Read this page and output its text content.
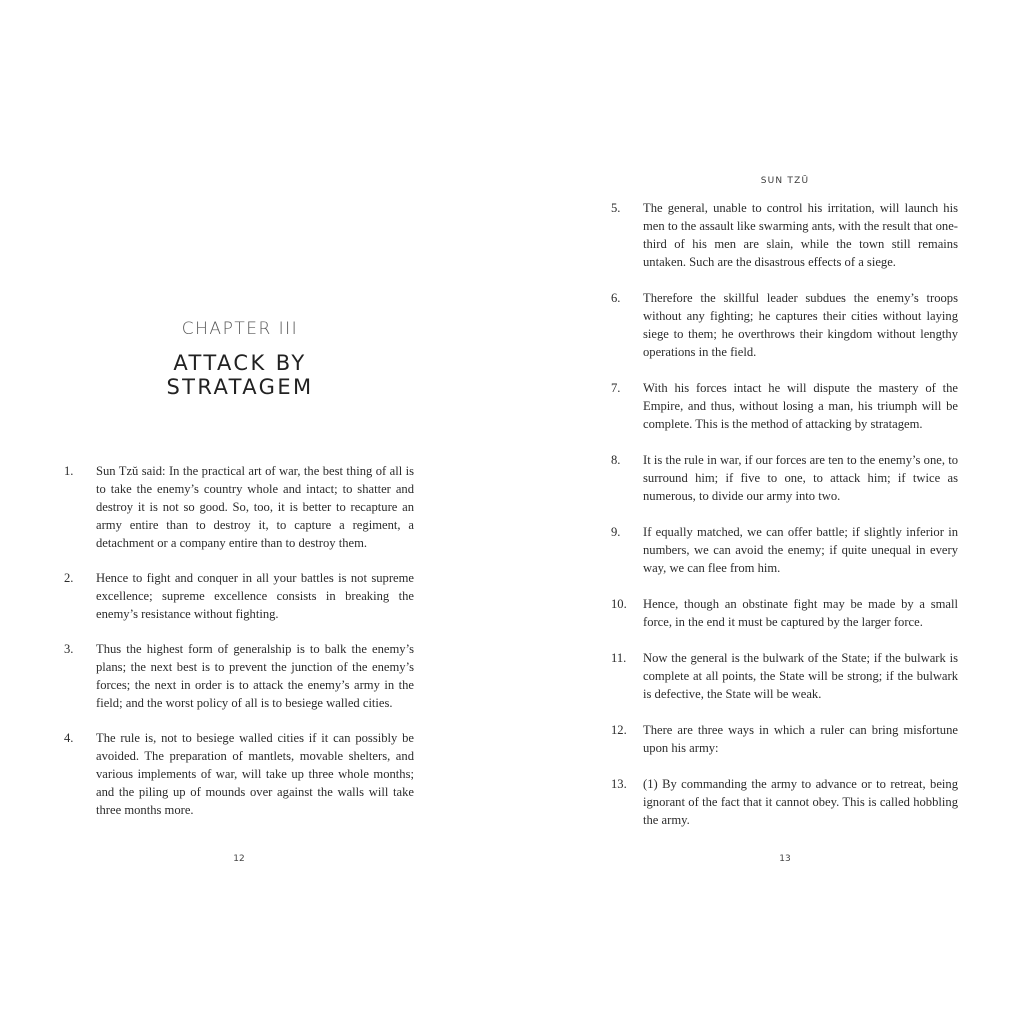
CHAPTER III
ATTACK BY STRATAGEM
1.	Sun Tzŭ said: In the practical art of war, the best thing of all is to take the enemy’s country whole and intact; to shatter and destroy it is not so good. So, too, it is better to recapture an army entire than to destroy it, to capture a regiment, a detachment or a company entire than to destroy them.
2.	Hence to fight and conquer in all your battles is not supreme excellence; supreme excellence consists in breaking the enemy’s resistance without fighting.
3.	Thus the highest form of generalship is to balk the enemy’s plans; the next best is to prevent the junction of the enemy’s forces; the next in order is to attack the enemy’s army in the field; and the worst policy of all is to besiege walled cities.
4.	The rule is, not to besiege walled cities if it can possibly be avoided. The preparation of mantlets, movable shelters, and various implements of war, will take up three whole months; and the piling up of mounds over against the walls will take three months more.
12
SUN TZŪ
5.	The general, unable to control his irritation, will launch his men to the assault like swarming ants, with the result that one-third of his men are slain, while the town still remains untaken. Such are the disastrous effects of a siege.
6.	Therefore the skillful leader subdues the enemy’s troops without any fighting; he captures their cities without laying siege to them; he overthrows their kingdom without lengthy operations in the field.
7.	With his forces intact he will dispute the mastery of the Empire, and thus, without losing a man, his triumph will be complete. This is the method of attacking by stratagem.
8.	It is the rule in war, if our forces are ten to the enemy’s one, to surround him; if five to one, to attack him; if twice as numerous, to divide our army into two.
9.	If equally matched, we can offer battle; if slightly inferior in numbers, we can avoid the enemy; if quite unequal in every way, we can flee from him.
10.	Hence, though an obstinate fight may be made by a small force, in the end it must be captured by the larger force.
11.	Now the general is the bulwark of the State; if the bulwark is complete at all points, the State will be strong; if the bulwark is defective, the State will be weak.
12.	There are three ways in which a ruler can bring misfortune upon his army:
13.	(1) By commanding the army to advance or to retreat, being ignorant of the fact that it cannot obey. This is called hobbling the army.
13
